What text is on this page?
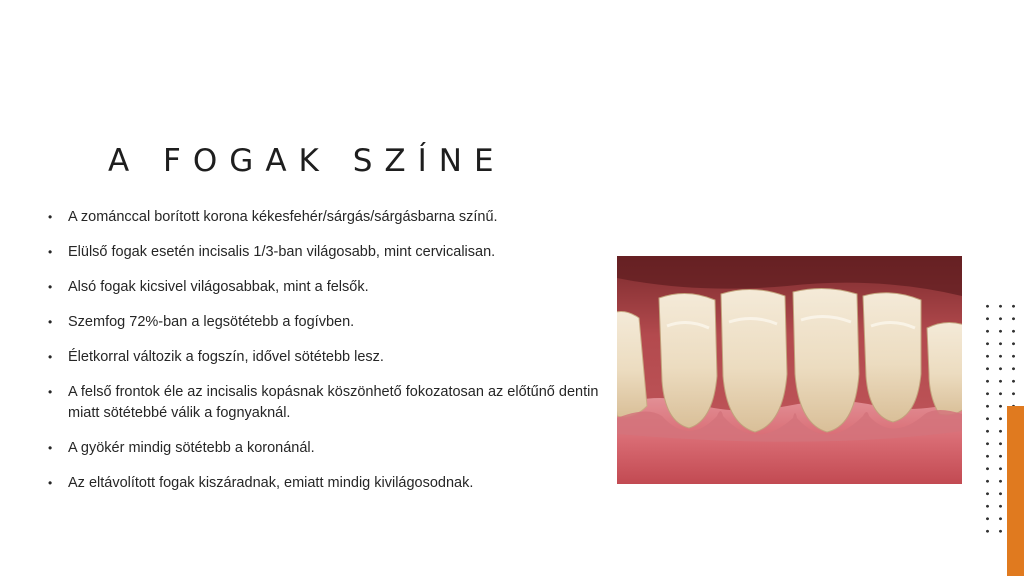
A FOGAK SZÍNE
• A zománccal borított korona kékesfehér/sárgás/sárgásbarna színű.
• Elülső fogak esetén incisalis 1/3-ban világosabb, mint cervicalisan.
• Alsó fogak kicsivel világosabbak, mint a felsők.
• Szemfog 72%-ban a legsötétebb a fogívben.
• Életkorral változik a fogszín, idővel sötétebb lesz.
• A felső frontok éle az incisalis kopásnak köszönhető fokozatosan az előtűnő dentin miatt sötétebbé válik a fognyaknál.
• A gyökér mindig sötétebb a koronánál.
• Az eltávolított fogak kiszáradnak, emiatt mindig kivilágosodnak.
